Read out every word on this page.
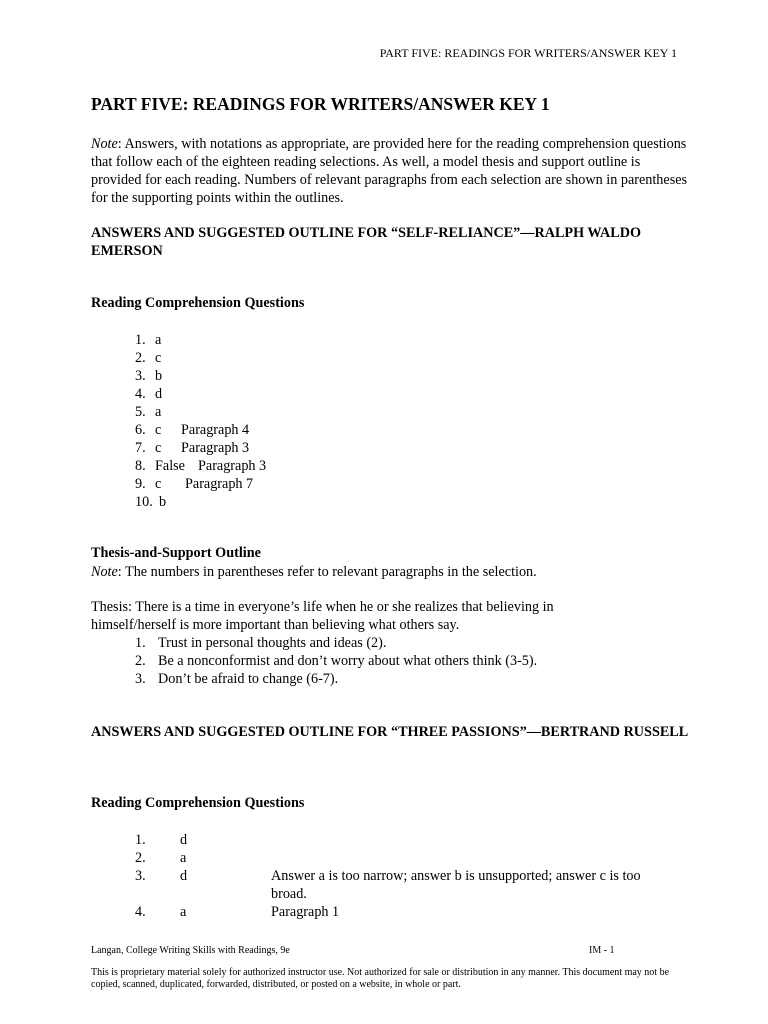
PART FIVE: READINGS FOR WRITERS/ANSWER KEY 1
PART FIVE: READINGS FOR WRITERS/ANSWER KEY 1
Note: Answers, with notations as appropriate, are provided here for the reading comprehension questions that follow each of the eighteen reading selections. As well, a model thesis and support outline is provided for each reading. Numbers of relevant paragraphs from each selection are shown in parentheses for the supporting points within the outlines.
ANSWERS AND SUGGESTED OUTLINE FOR “SELF-RELIANCE”—RALPH WALDO EMERSON
Reading Comprehension Questions
1. a
2. c
3. b
4. d
5. a
6. c Paragraph 4
7. c Paragraph 3
8. False Paragraph 3
9. c Paragraph 7
10. b
Thesis-and-Support Outline
Note: The numbers in parentheses refer to relevant paragraphs in the selection.
Thesis: There is a time in everyone’s life when he or she realizes that believing in himself/herself is more important than believing what others say.
1. Trust in personal thoughts and ideas (2).
2. Be a nonconformist and don’t worry about what others think (3-5).
3. Don’t be afraid to change (6-7).
ANSWERS AND SUGGESTED OUTLINE FOR “THREE PASSIONS”—BERTRAND RUSSELL
Reading Comprehension Questions
1. d
2. a
3. d	Answer a is too narrow; answer b is unsupported; answer c is too broad.
4. a	Paragraph 1
Langan, College Writing Skills with Readings, 9e	IM - 1
This is proprietary material solely for authorized instructor use. Not authorized for sale or distribution in any manner. This document may not be copied, scanned, duplicated, forwarded, distributed, or posted on a website, in whole or part.
